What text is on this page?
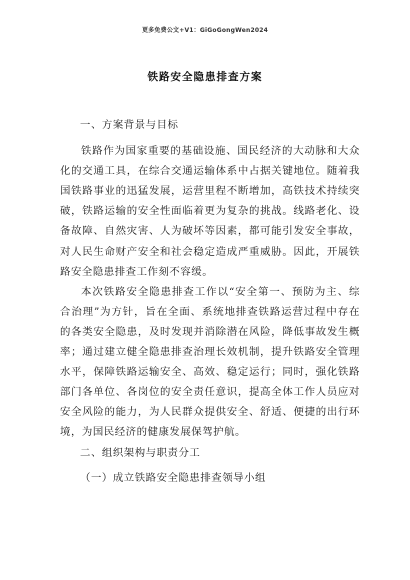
更多免费公文+V1：GiGoGongWen2024
铁路安全隐患排查方案
一、方案背景与目标
铁路作为国家重要的基础设施、国民经济的大动脉和大众化的交通工具，在综合交通运输体系中占据关键地位。随着我国铁路事业的迅猛发展，运营里程不断增加，高铁技术持续突破，铁路运输的安全性面临着更为复杂的挑战。线路老化、设备故障、自然灾害、人为破坏等因素，都可能引发安全事故，对人民生命财产安全和社会稳定造成严重威胁。因此，开展铁路安全隐患排查工作刻不容缓。
本次铁路安全隐患排查工作以“安全第一、预防为主、综合治理”为方针，旨在全面、系统地排查铁路运营过程中存在的各类安全隐患，及时发现并消除潜在风险，降低事故发生概率；通过建立健全隐患排查治理长效机制，提升铁路安全管理水平，保障铁路运输安全、高效、稳定运行；同时，强化铁路部门各单位、各岗位的安全责任意识，提高全体工作人员应对安全风险的能力，为人民群众提供安全、舒适、便捷的出行环境，为国民经济的健康发展保驾护航。
二、组织架构与职责分工
（一）成立铁路安全隐患排查领导小组
